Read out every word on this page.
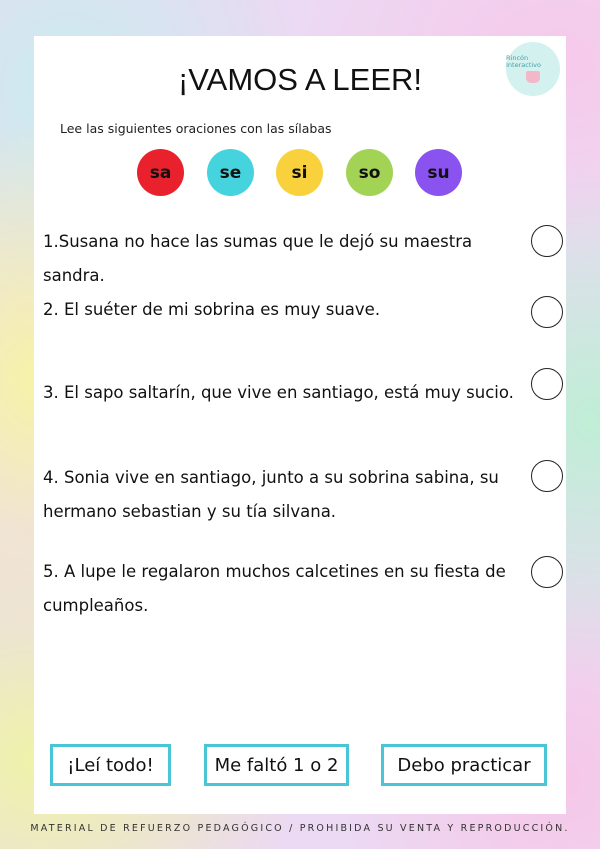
Rincón Interactivo
¡VAMOS A LEER!
Lee las siguientes oraciones con las sílabas
sa	se	si	so	su
1.Susana no hace las sumas que le dejó su maestra sandra.
2. El suéter de mi sobrina es muy suave.
3. El sapo saltarín, que vive en santiago, está muy sucio.
4. Sonia vive en santiago, junto a su sobrina sabina, su hermano sebastian y su tía silvana.
5. A lupe le regalaron muchos calcetines en su fiesta de cumpleaños.
¡Leí todo!	Me faltó 1 o 2	Debo practicar
MATERIAL DE REFUERZO PEDAGÓGICO / PROHIBIDA SU VENTA Y REPRODUCCIÓN.
